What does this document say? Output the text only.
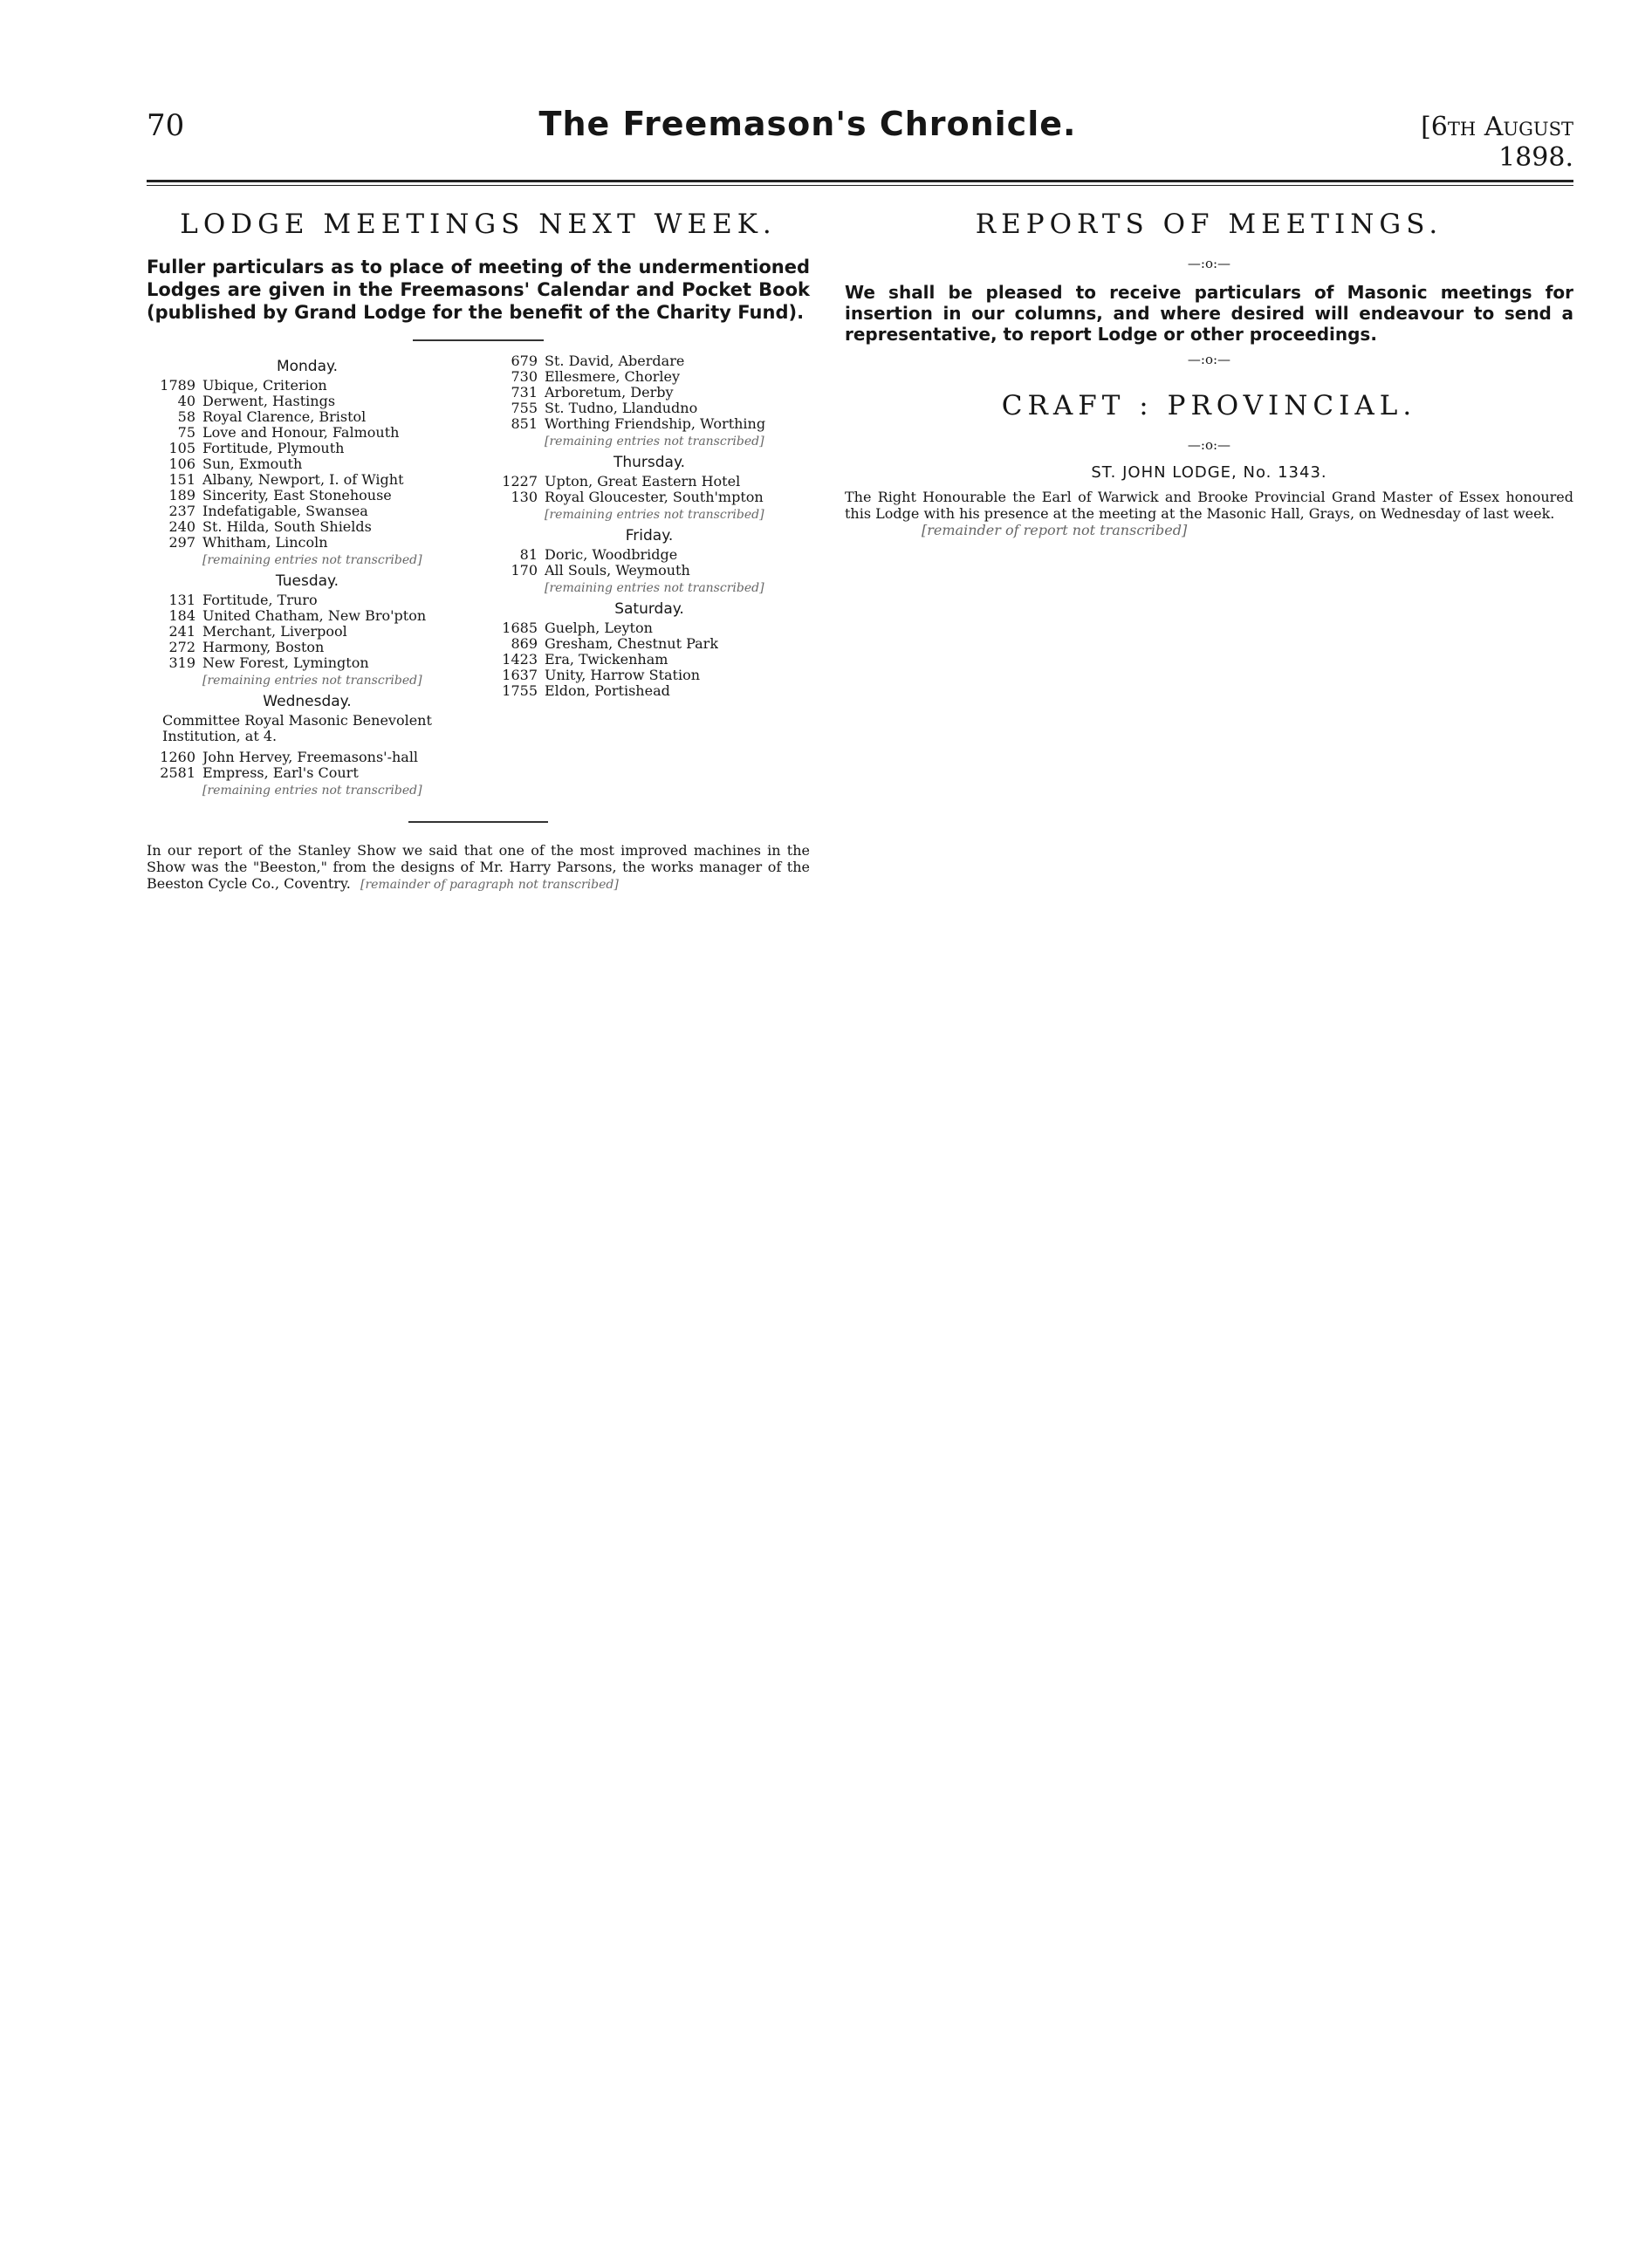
70	The Freemason's Chronicle.	[6th August 1898.
LODGE MEETINGS NEXT WEEK.

Fuller particulars as to place of meeting of the undermentioned Lodges are given in the Freemasons' Calendar and Pocket Book (published by Grand Lodge for the benefit of the Charity Fund).

Monday.
1789 Ubique, Criterion
40 Derwent, Hastings
58 Royal Clarence, Bristol
75 Love and Honour, Falmouth
105 Fortitude, Plymouth
106 Sun, Exmouth
151 Albany, Newport, I. of Wight
189 Sincerity, East Stonehouse
237 Indefatigable, Swansea
240 St. Hilda, South Shields
297 Whitham, Lincoln
[remaining entries not transcribed]
Tuesday.
131 Fortitude, Truro
184 United Chatham, New Bro'pton
241 Merchant, Liverpool
272 Harmony, Boston
319 New Forest, Lymington
[remaining entries not transcribed]
Wednesday.
Committee Royal Masonic Benevolent Institution, at 4.
1260 John Hervey, Freemasons'-hall
2581 Empress, Earl's Court
[remaining entries not transcribed]
679 St. David, Aberdare
730 Ellesmere, Chorley
731 Arboretum, Derby
755 St. Tudno, Llandudno
851 Worthing Friendship, Worthing
[remaining entries not transcribed]
Thursday.
1227 Upton, Great Eastern Hotel
130 Royal Gloucester, South'mpton
[remaining entries not transcribed]
Friday.
81 Doric, Woodbridge
170 All Souls, Weymouth
[remaining entries not transcribed]
Saturday.
1685 Guelph, Leyton
869 Gresham, Chestnut Park
1423 Era, Twickenham
1637 Unity, Harrow Station
1755 Eldon, Portishead

In our report of the Stanley Show we said that one of the most improved machines in the Show was the "Beeston," from the designs of Mr. Harry Parsons, the works manager of the Beeston Cycle Co., Coventry. [remainder of paragraph not transcribed]

REPORTS OF MEETINGS.
—:o:—

We shall be pleased to receive particulars of Masonic meetings for insertion in our columns, and where desired will endeavour to send a representative, to report Lodge or other proceedings.

—:o:—
CRAFT : PROVINCIAL.
—:o:—
ST. JOHN LODGE, No. 1343.

The Right Honourable the Earl of Warwick and Brooke Provincial Grand Master of Essex honoured this Lodge with his presence at the meeting at the Masonic Hall, Grays, on Wednesday of last week.

[remainder of report not transcribed]
